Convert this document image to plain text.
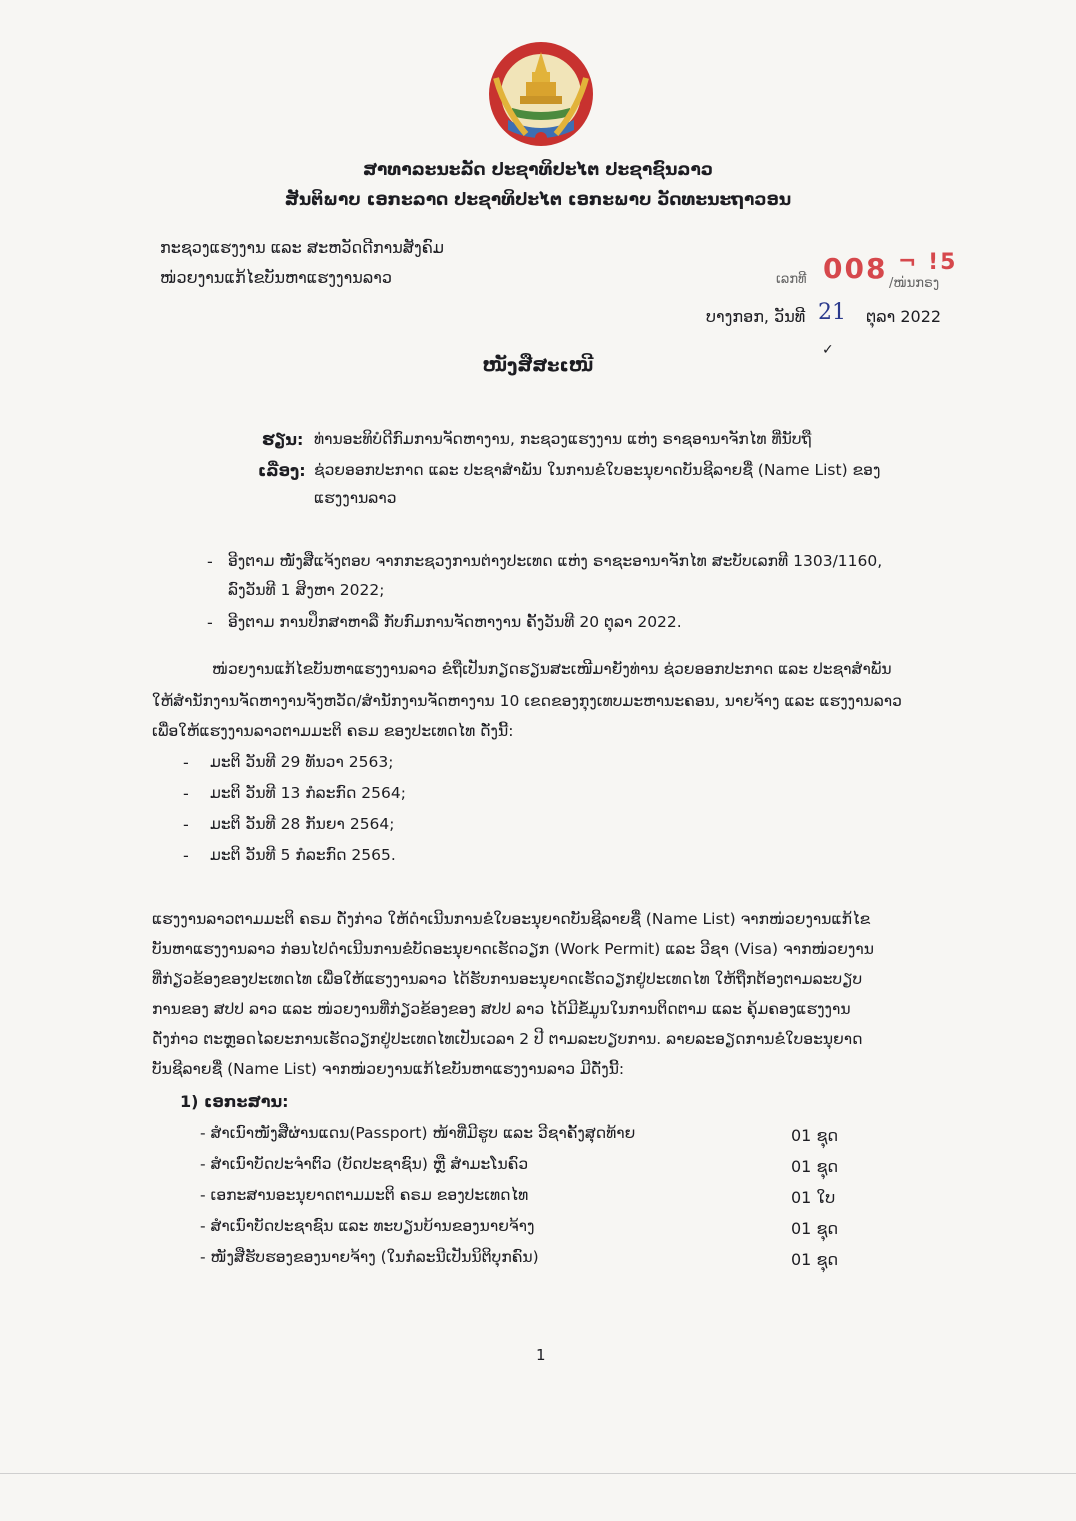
ສາທາລະນະລັດ ປະຊາທິປະໄຕ ປະຊາຊົນລາວ
ສັນຕິພາບ ເອກະລາດ ປະຊາທິປະໄຕ ເອກະພາບ ວັດທະນະຖາວອນ
ກະຊວງແຮງງານ ແລະ ສະຫວັດດີການສັງຄົມ
ໜ່ວຍງານແກ້ໄຂບັນຫາແຮງງານລາວ	ເລກທີ 008 ¬ !5
/ໜ່ນກຣງ
ບາງກອກ, ວັນທີ 21 ຕຸລາ 2022
✓
ໜັງສືສະເໜີ
ຮຽນ: ທ່ານອະທິບໍດີກົມການຈັດຫາງານ, ກະຊວງແຮງງານ ແຫ່ງ ຣາຊອານາຈັກໄທ ທີ່ນັບຖື
ເລື່ອງ: ຊ່ວຍອອກປະກາດ ແລະ ປະຊາສຳພັນ ໃນການຂໍໃບອະນຸຍາດບັນຊີລາຍຊື່ (Name List) ຂອງ
ແຮງງານລາວ
- ອີງຕາມ ໜັງສືແຈ້ງຕອບ ຈາກກະຊວງການຕ່າງປະເທດ ແຫ່ງ ຣາຊະອານາຈັກໄທ ສະບັບເລກທີ 1303/1160,
ລົງວັນທີ 1 ສິງຫາ 2022;
- ອີງຕາມ ການປຶກສາຫາລື ກັບກົມການຈັດຫາງານ ຄັ້ງວັນທີ 20 ຕຸລາ 2022.
ໜ່ວຍງານແກ້ໄຂບັນຫາແຮງງານລາວ ຂໍຖືເປັນກຽດຮຽນສະເໜີມາຍັງທ່ານ ຊ່ວຍອອກປະກາດ ແລະ ປະຊາສຳພັນ
ໃຫ້ສຳນັກງານຈັດຫາງານຈັງຫວັດ/ສຳນັກງານຈັດຫາງານ 10 ເຂດຂອງກຸງເທບມະຫານະຄອນ, ນາຍຈ້າງ ແລະ ແຮງງານລາວ
ເພື່ອໃຫ້ແຮງງານລາວຕາມມະຕິ ຄຣມ ຂອງປະເທດໄທ ດັ່ງນີ້:
- ມະຕິ ວັນທີ 29 ທັນວາ 2563;
- ມະຕິ ວັນທີ 13 ກໍລະກົດ 2564;
- ມະຕິ ວັນທີ 28 ກັນຍາ 2564;
- ມະຕິ ວັນທີ 5 ກໍລະກົດ 2565.
ແຮງງານລາວຕາມມະຕິ ຄຣມ ດັ່ງກ່າວ ໃຫ້ດຳເນີນການຂໍໃບອະນຸຍາດບັນຊີລາຍຊື່ (Name List) ຈາກໜ່ວຍງານແກ້ໄຂ
ບັນຫາແຮງງານລາວ ກ່ອນໄປດຳເນີນການຂໍບັດອະນຸຍາດເຮັດວຽກ (Work Permit) ແລະ ວີຊາ (Visa) ຈາກໜ່ວຍງານ
ທີ່ກ່ຽວຂ້ອງຂອງປະເທດໄທ ເພື່ອໃຫ້ແຮງງານລາວ ໄດ້ຮັບການອະນຸຍາດເຮັດວຽກຢູ່ປະເທດໄທ ໃຫ້ຖືກຕ້ອງຕາມລະບຽບ
ການຂອງ ສປປ ລາວ ແລະ ໜ່ວຍງານທີ່ກ່ຽວຂ້ອງຂອງ ສປປ ລາວ ໄດ້ມີຂໍ້ມູນໃນການຕິດຕາມ ແລະ ຄຸ້ມຄອງແຮງງານ
ດັ່ງກ່າວ ຕະຫຼອດໄລຍະການເຮັດວຽກຢູ່ປະເທດໄທເປັນເວລາ 2 ປີ ຕາມລະບຽບການ. ລາຍລະອຽດການຂໍໃບອະນຸຍາດ
ບັນຊີລາຍຊື່ (Name List) ຈາກໜ່ວຍງານແກ້ໄຂບັນຫາແຮງງານລາວ ມີດັ່ງນີ້:
1) ເອກະສານ:
- ສຳເນົາໜັງສືຜ່ານແດນ(Passport) ໜ້າທີ່ມີຮູບ ແລະ ວີຊາຄັ້ງສຸດທ້າຍ	01 ຊຸດ
- ສຳເນົາບັດປະຈຳຕົວ (ບັດປະຊາຊົນ) ຫຼື ສຳມະໂນຄົວ	01 ຊຸດ
- ເອກະສານອະນຸຍາດຕາມມະຕິ ຄຣມ ຂອງປະເທດໄທ	01 ໃບ
- ສຳເນົາບັດປະຊາຊົນ ແລະ ທະບຽນບ້ານຂອງນາຍຈ້າງ	01 ຊຸດ
- ໜັງສືຮັບຮອງຂອງນາຍຈ້າງ (ໃນກໍລະນີເປັນນິຕິບຸກຄົນ)	01 ຊຸດ
1
